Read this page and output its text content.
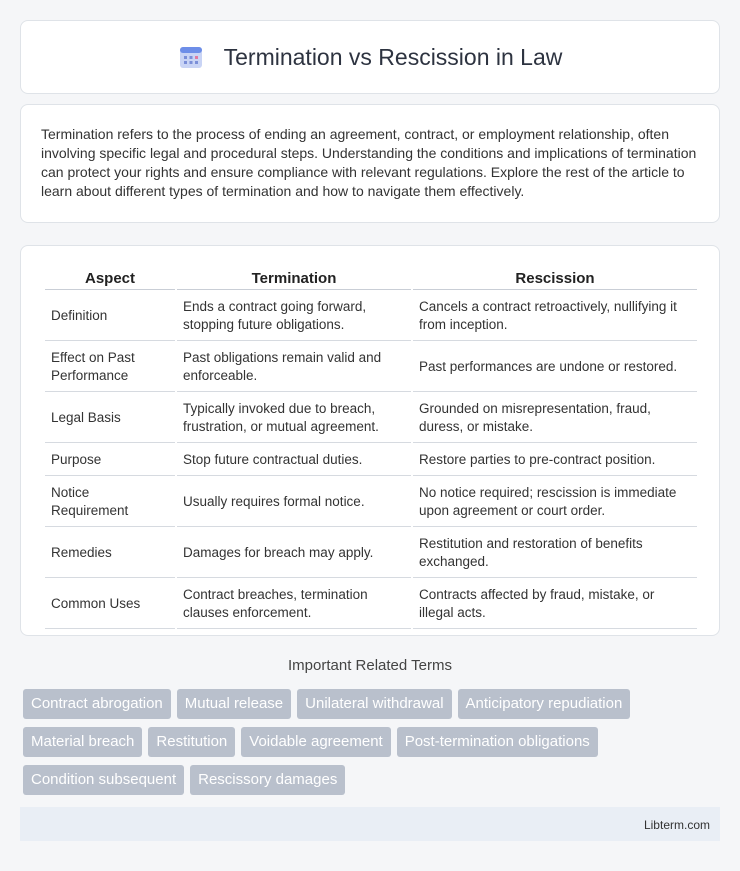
Termination vs Rescission in Law

Termination refers to the process of ending an agreement, contract, or employment relationship, often involving specific legal and procedural steps. Understanding the conditions and implications of termination can protect your rights and ensure compliance with relevant regulations. Explore the rest of the article to learn about different types of termination and how to navigate them effectively.

Aspect	Termination	Rescission
Definition	Ends a contract going forward, stopping future obligations.	Cancels a contract retroactively, nullifying it from inception.
Effect on Past Performance	Past obligations remain valid and enforceable.	Past performances are undone or restored.
Legal Basis	Typically invoked due to breach, frustration, or mutual agreement.	Grounded on misrepresentation, fraud, duress, or mistake.
Purpose	Stop future contractual duties.	Restore parties to pre-contract position.
Notice Requirement	Usually requires formal notice.	No notice required; rescission is immediate upon agreement or court order.
Remedies	Damages for breach may apply.	Restitution and restoration of benefits exchanged.
Common Uses	Contract breaches, termination clauses enforcement.	Contracts affected by fraud, mistake, or illegal acts.
Important Related Terms
Contract abrogation	Mutual release	Unilateral withdrawal	Anticipatory repudiation
Material breach	Restitution	Voidable agreement	Post-termination obligations
Condition subsequent	Rescissory damages
Libterm.com
